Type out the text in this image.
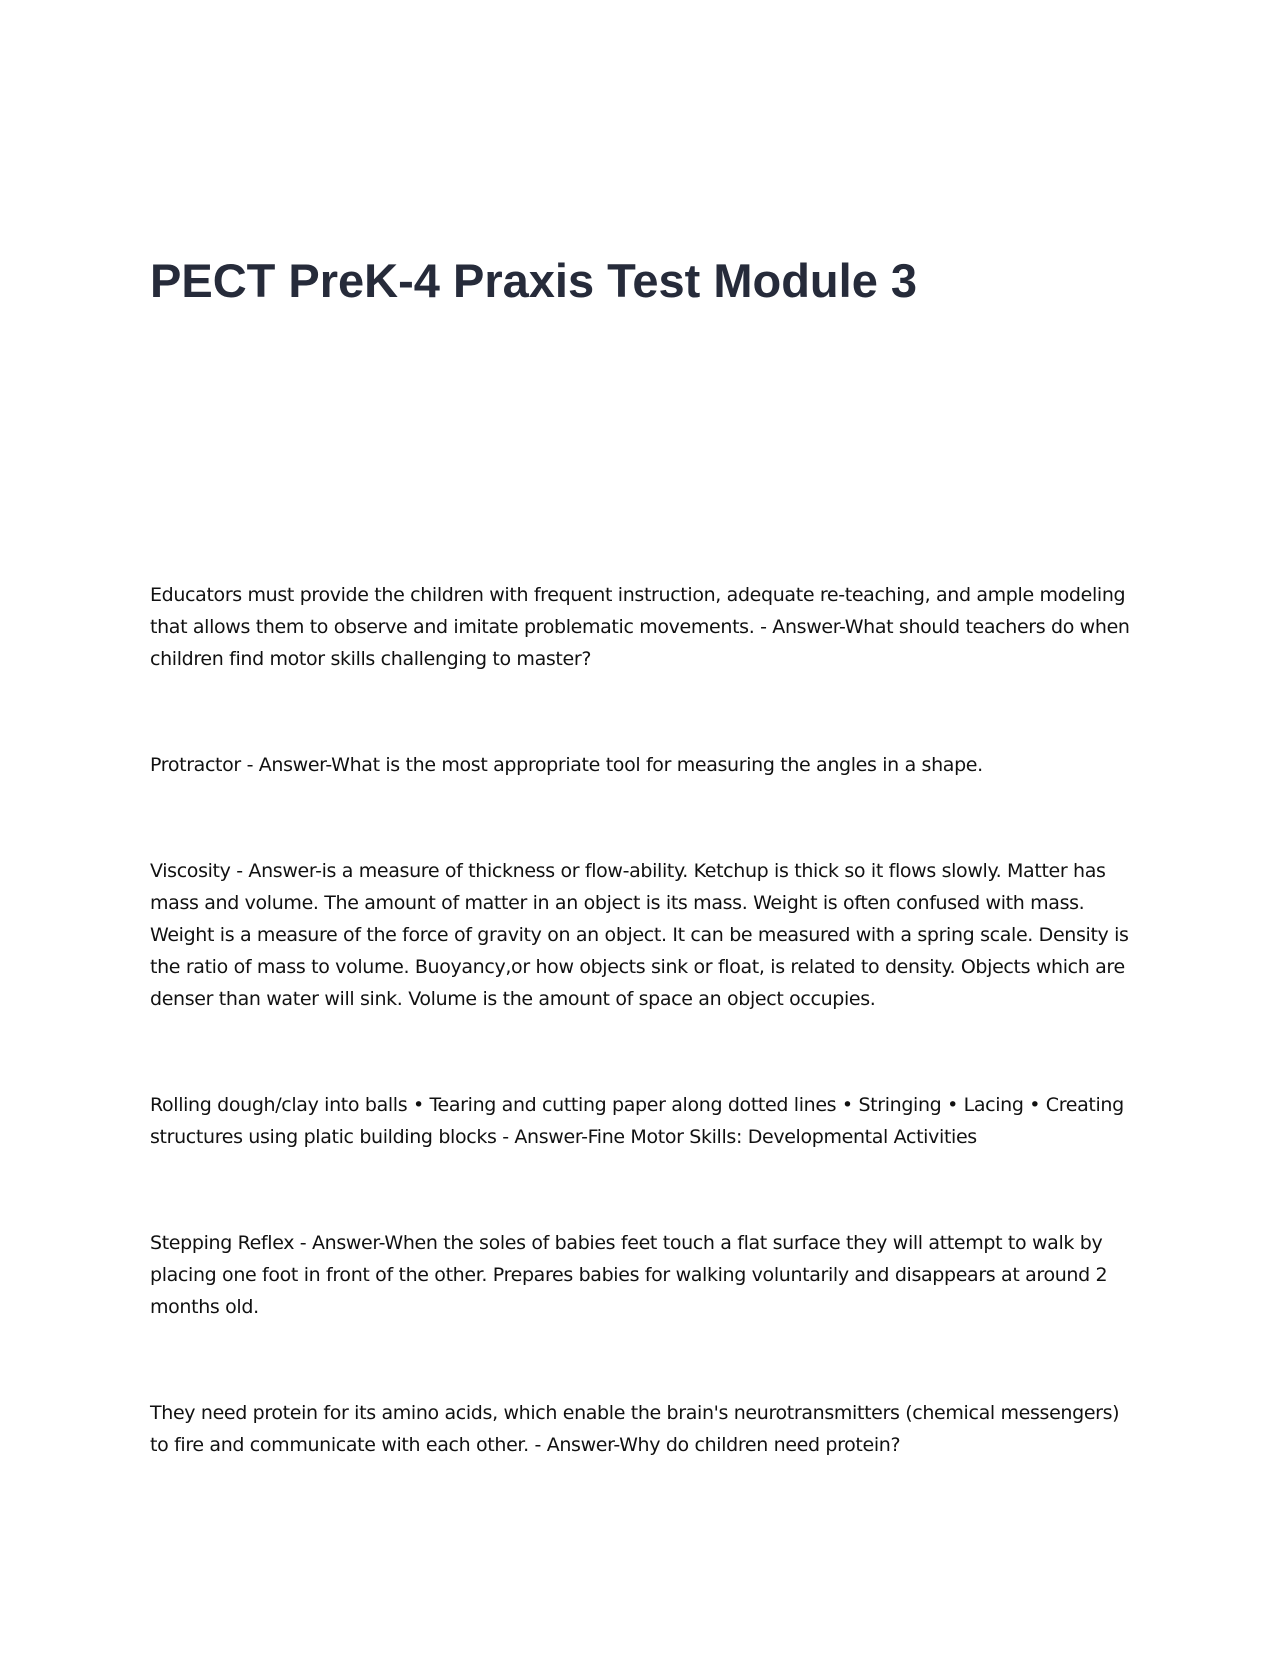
PECT PreK-4 Praxis Test Module 3

Educators must provide the children with frequent instruction, adequate re-teaching, and ample modeling that allows them to observe and imitate problematic movements. - Answer-What should teachers do when children find motor skills challenging to master?

Protractor - Answer-What is the most appropriate tool for measuring the angles in a shape.

Viscosity - Answer-is a measure of thickness or flow-ability. Ketchup is thick so it flows slowly. Matter has mass and volume. The amount of matter in an object is its mass. Weight is often confused with mass. Weight is a measure of the force of gravity on an object. It can be measured with a spring scale. Density is the ratio of mass to volume. Buoyancy,or how objects sink or float, is related to density. Objects which are denser than water will sink. Volume is the amount of space an object occupies.

Rolling dough/clay into balls • Tearing and cutting paper along dotted lines • Stringing • Lacing • Creating structures using platic building blocks - Answer-Fine Motor Skills: Developmental Activities

Stepping Reflex - Answer-When the soles of babies feet touch a flat surface they will attempt to walk by placing one foot in front of the other. Prepares babies for walking voluntarily and disappears at around 2 months old.

They need protein for its amino acids, which enable the brain's neurotransmitters (chemical messengers) to fire and communicate with each other. - Answer-Why do children need protein?
